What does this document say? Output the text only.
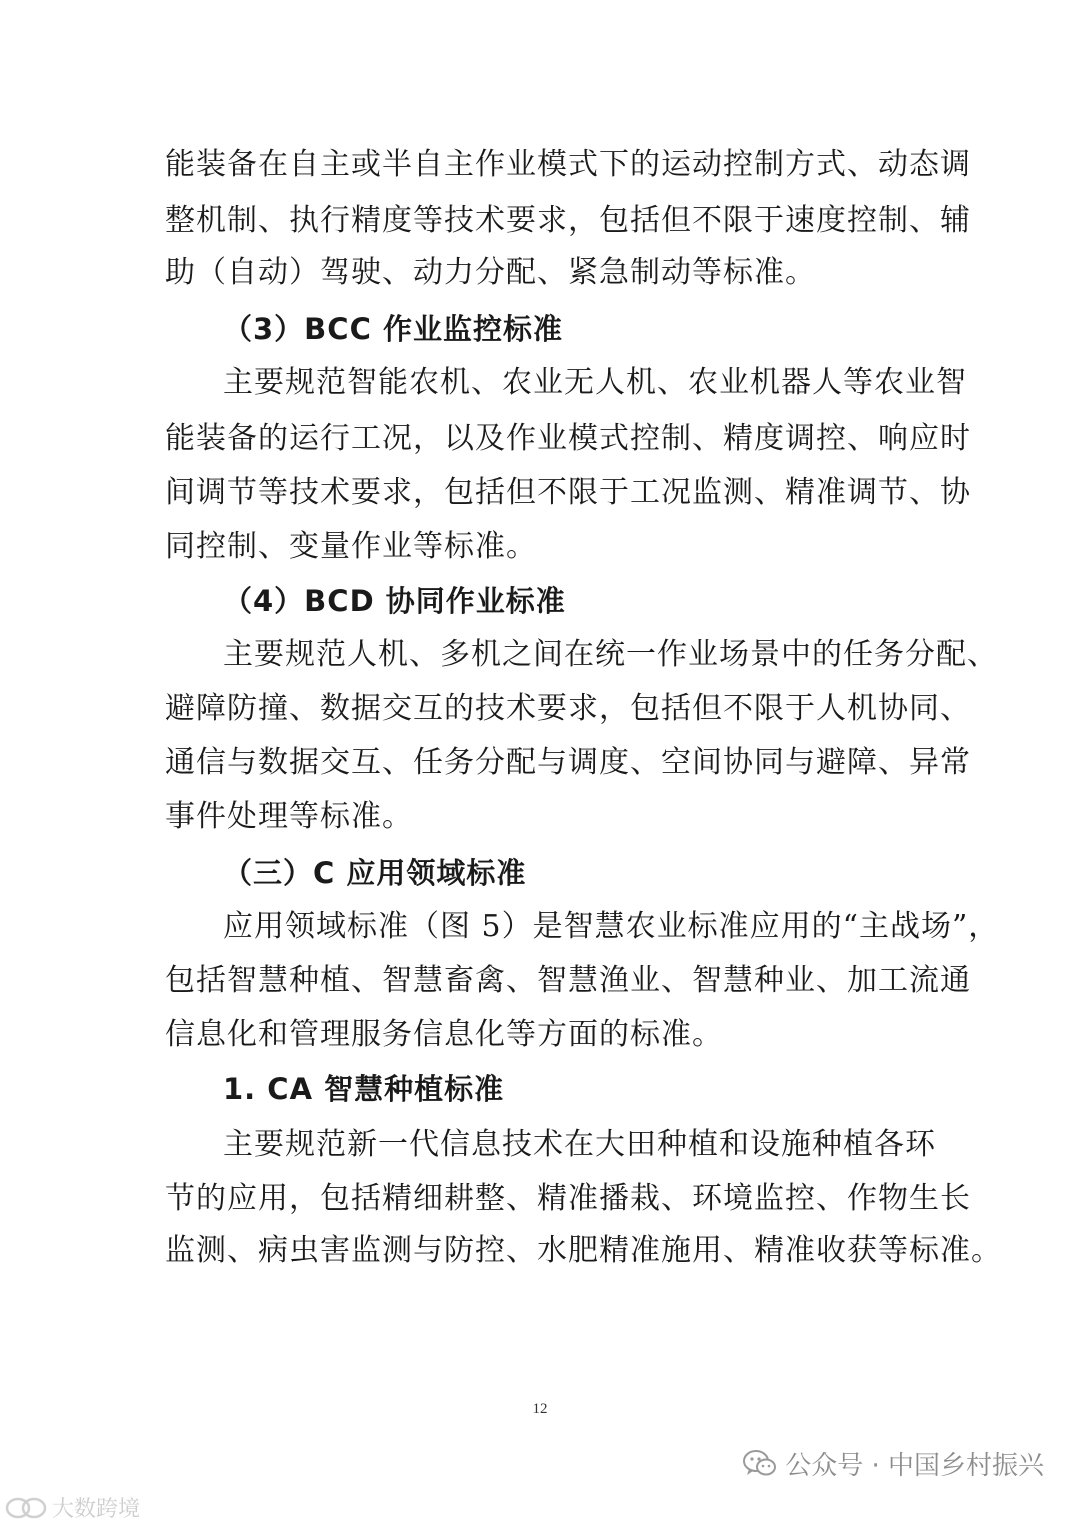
能装备在自主或半自主作业模式下的运动控制方式、动态调
整机制、执行精度等技术要求，包括但不限于速度控制、辅
助（自动）驾驶、动力分配、紧急制动等标准。
（3）BCC 作业监控标准
主要规范智能农机、农业无人机、农业机器人等农业智
能装备的运行工况，以及作业模式控制、精度调控、响应时
间调节等技术要求，包括但不限于工况监测、精准调节、协
同控制、变量作业等标准。
（4）BCD 协同作业标准
主要规范人机、多机之间在统一作业场景中的任务分配、
避障防撞、数据交互的技术要求，包括但不限于人机协同、
通信与数据交互、任务分配与调度、空间协同与避障、异常
事件处理等标准。
（三）C 应用领域标准
应用领域标准（图 5）是智慧农业标准应用的“主战场”，
包括智慧种植、智慧畜禽、智慧渔业、智慧种业、加工流通
信息化和管理服务信息化等方面的标准。
1. CA 智慧种植标准
主要规范新一代信息技术在大田种植和设施种植各环
节的应用，包括精细耕整、精准播栽、环境监控、作物生长
监测、病虫害监测与防控、水肥精准施用、精准收获等标准。
12
公众号 · 中国乡村振兴
大数跨境
